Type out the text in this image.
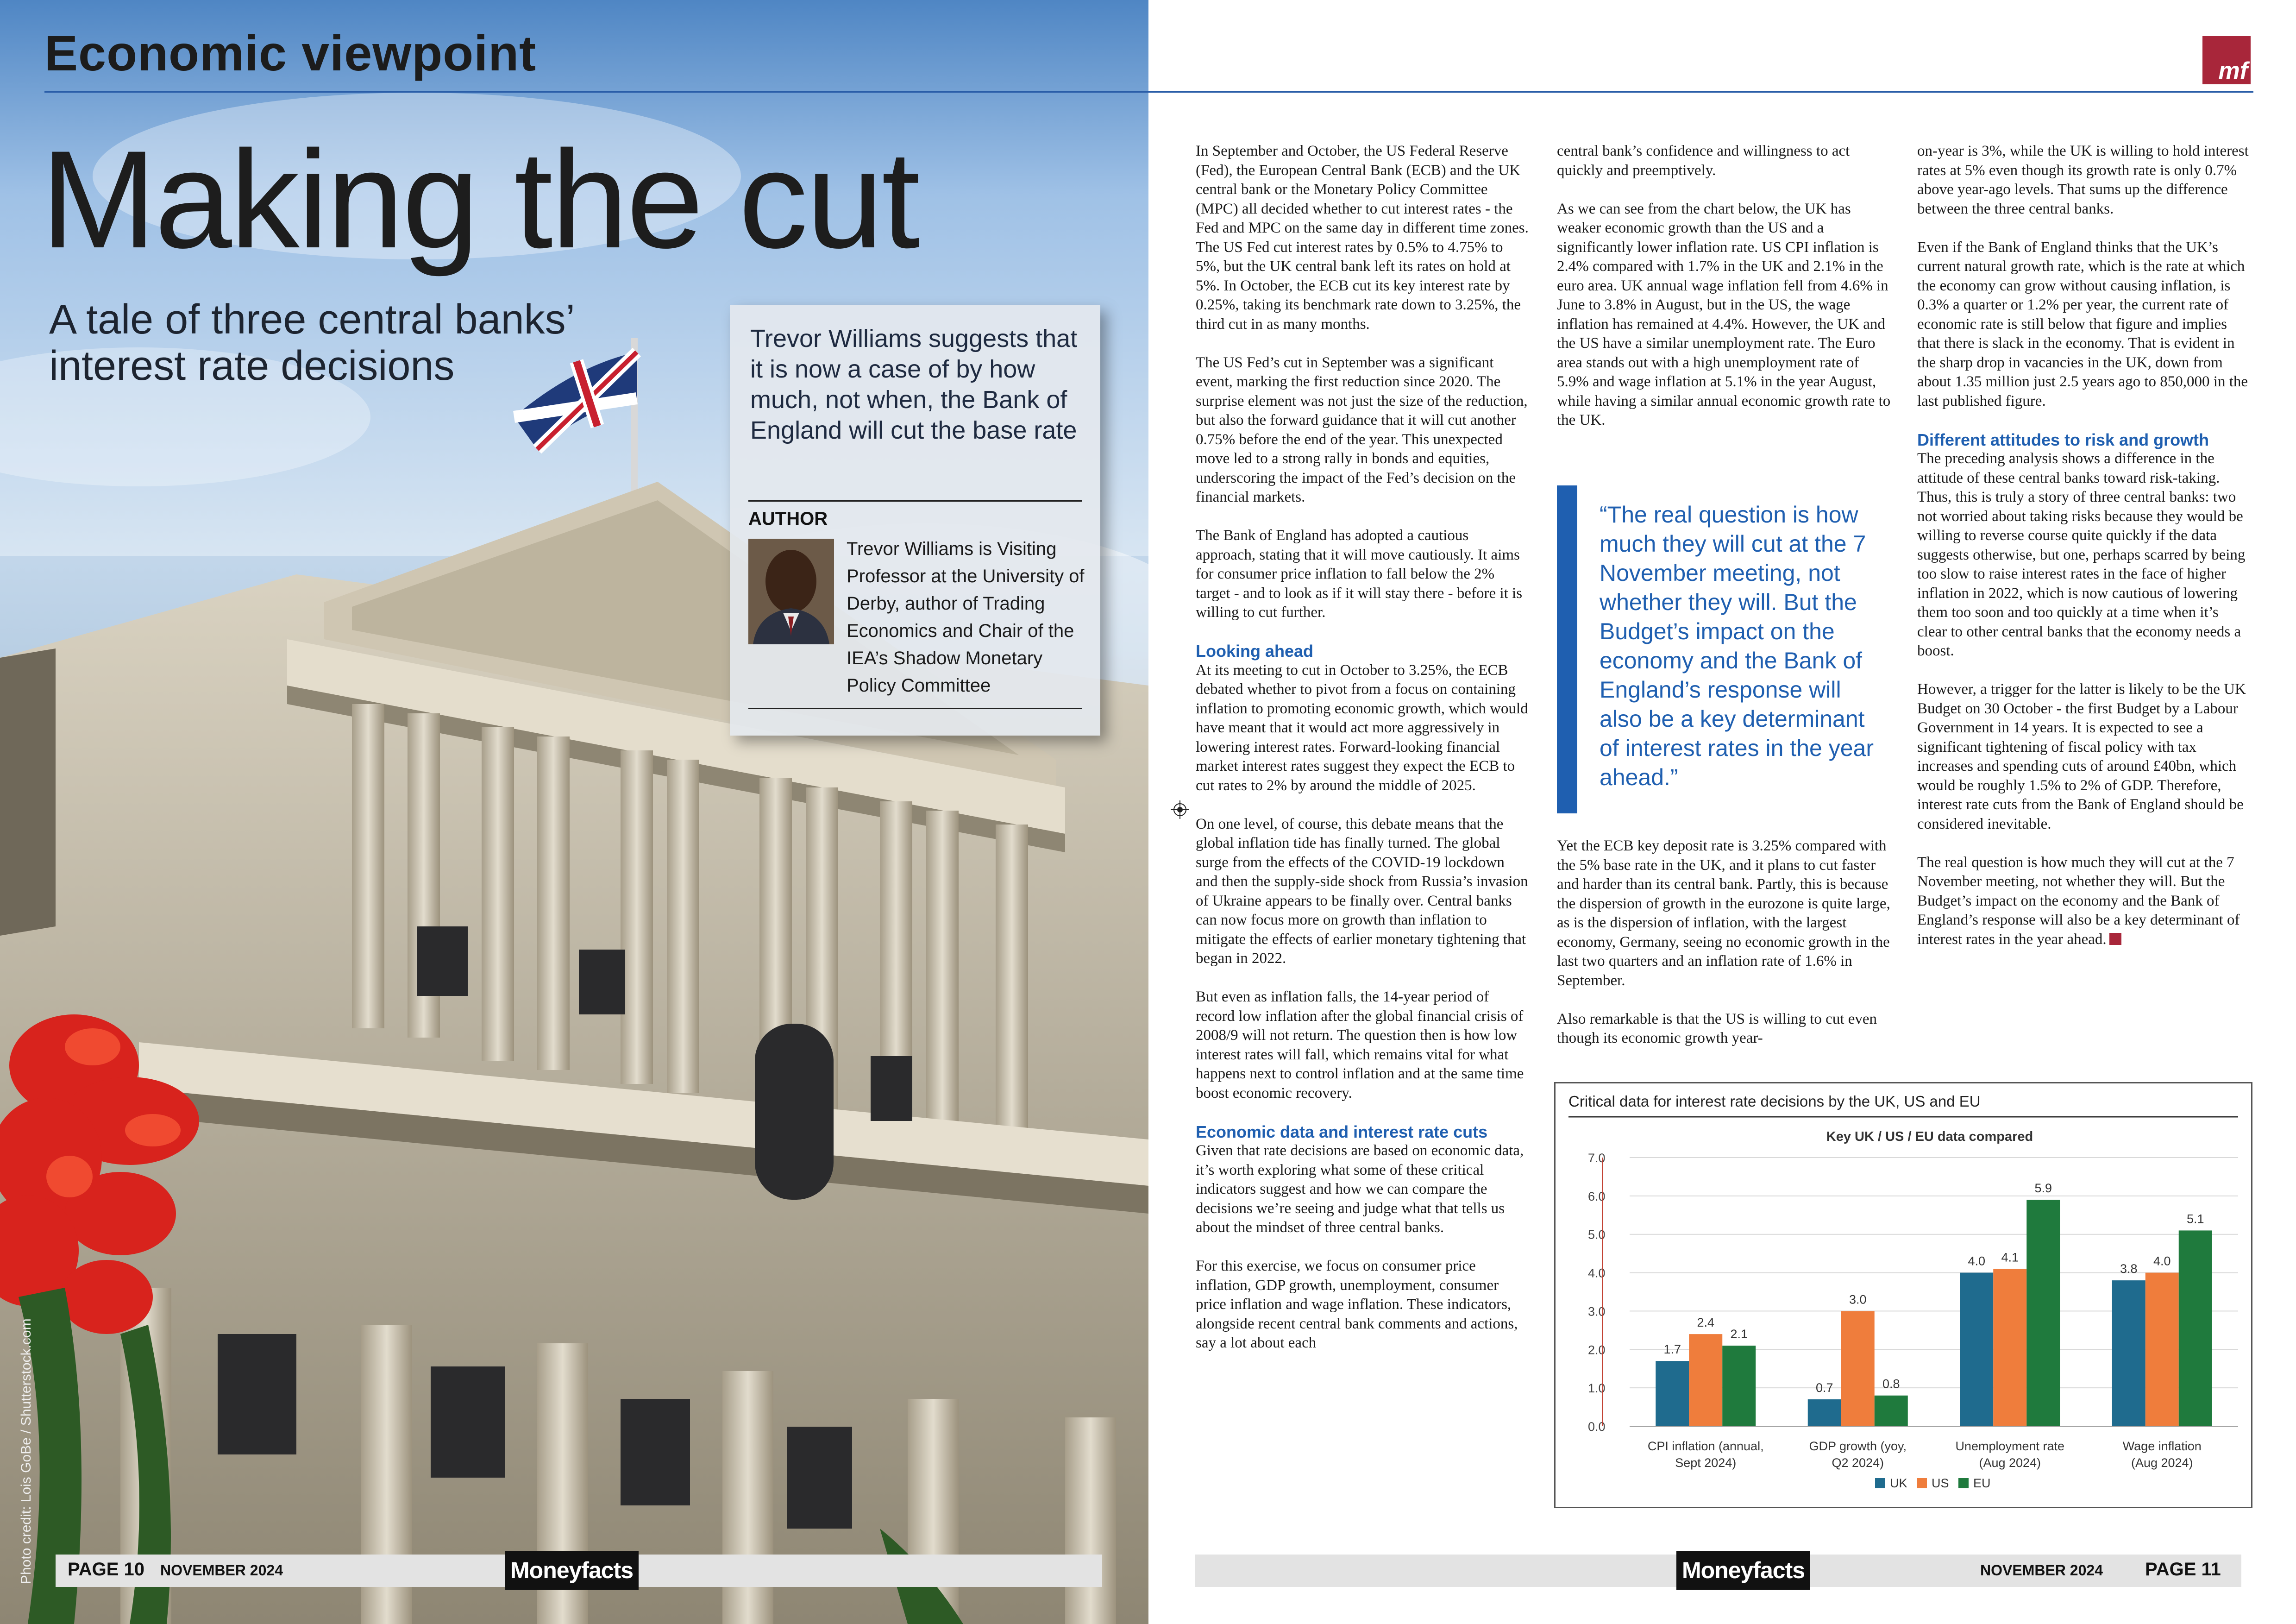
Making the cut
A tale of three central banks’ interest rate decisions
Trevor Williams suggests that it is now a case of by how much, not when, the Bank of England will cut the base rate
AUTHOR
Trevor Williams is Visiting Professor at the University of Derby, author of Trading Economics and Chair of the IEA’s Shadow Monetary Policy Committee
Photo credit: Lois GoBe / Shutterstock.com
Economic viewpoint	mf

In September and October, the US Federal Reserve (Fed), the European Central Bank (ECB) and the UK central bank or the Monetary Policy Committee (MPC) all decided whether to cut interest rates - the Fed and MPC on the same day in different time zones. The US Fed cut interest rates by 0.5% to 4.75% to 5%, but the UK central bank left its rates on hold at 5%. In October, the ECB cut its key interest rate by 0.25%, taking its benchmark rate down to 3.25%, the third cut in as many months.

The US Fed’s cut in September was a significant event, marking the first reduction since 2020. The surprise element was not just the size of the reduction, but also the forward guidance that it will cut another 0.75% before the end of the year. This unexpected move led to a strong rally in bonds and equities, underscoring the impact of the Fed’s decision on the financial markets.

The Bank of England has adopted a cautious approach, stating that it will move cautiously. It aims for consumer price inflation to fall below the 2% target - and to look as if it will stay there - before it is willing to cut further.

Looking ahead

At its meeting to cut in October to 3.25%, the ECB debated whether to pivot from a focus on containing inflation to promoting economic growth, which would have meant that it would act more aggressively in lowering interest rates. Forward-looking financial market interest rates suggest they expect the ECB to cut rates to 2% by around the middle of 2025.

On one level, of course, this debate means that the global inflation tide has finally turned. The global surge from the effects of the COVID-19 lockdown and then the supply-side shock from Russia’s invasion of Ukraine appears to be finally over. Central banks can now focus more on growth than inflation to mitigate the effects of earlier monetary tightening that began in 2022.

But even as inflation falls, the 14-year period of record low inflation after the global financial crisis of 2008/9 will not return. The question then is how low interest rates will fall, which remains vital for what happens next to control inflation and at the same time boost economic recovery.

Economic data and interest rate cuts

Given that rate decisions are based on economic data, it’s worth exploring what some of these critical indicators suggest and how we can compare the decisions we’re seeing and judge what that tells us about the mindset of three central banks.

For this exercise, we focus on consumer price inflation, GDP growth, unemployment, consumer price inflation and wage inflation. These indicators, alongside recent central bank comments and actions, say a lot about each

central bank’s confidence and willingness to act quickly and preemptively.

As we can see from the chart below, the UK has weaker economic growth than the US and a significantly lower inflation rate. US CPI inflation is 2.4% compared with 1.7% in the UK and 2.1% in the euro area. UK annual wage inflation fell from 4.6% in June to 3.8% in August, but in the US, the wage inflation has remained at 4.4%. However, the UK and the US have a similar unemployment rate. The Euro area stands out with a high unemployment rate of 5.9% and wage inflation at 5.1% in the year August, while having a similar annual economic growth rate to the UK.

“The real question is how much they will cut at the 7 November meeting, not whether they will. But the Budget’s impact on the economy and the Bank of England’s response will also be a key determinant of interest rates in the year ahead.”

Yet the ECB key deposit rate is 3.25% compared with the 5% base rate in the UK, and it plans to cut faster and harder than its central bank. Partly, this is because the dispersion of growth in the eurozone is quite large, as is the dispersion of inflation, with the largest economy, Germany, seeing no economic growth in the last two quarters and an inflation rate of 1.6% in September.

Also remarkable is that the US is willing to cut even though its economic growth year-

on-year is 3%, while the UK is willing to hold interest rates at 5% even though its growth rate is only 0.7% above year-ago levels. That sums up the difference between the three central banks.

Even if the Bank of England thinks that the UK’s current natural growth rate, which is the rate at which the economy can grow without causing inflation, is 0.3% a quarter or 1.2% per year, the current rate of economic rate is still below that figure and implies that there is slack in the economy. That is evident in the sharp drop in vacancies in the UK, down from about 1.35 million just 2.5 years ago to 850,000 in the last published figure.

Different attitudes to risk and growth

The preceding analysis shows a difference in the attitude of these central banks toward risk-taking. Thus, this is truly a story of three central banks: two not worried about taking risks because they would be willing to reverse course quite quickly if the data suggests otherwise, but one, perhaps scarred by being too slow to raise interest rates in the face of higher inflation in 2022, which is now cautious of lowering them too soon and too quickly at a time when it’s clear to other central banks that the economy needs a boost.

However, a trigger for the latter is likely to be the UK Budget on 30 October - the first Budget by a Labour Government in 14 years. It is expected to see a significant tightening of fiscal policy with tax increases and spending cuts of around £40bn, which would be roughly 1.5% to 2% of GDP. Therefore, interest rate cuts from the Bank of England should be considered inevitable.

The real question is how much they will cut at the 7 November meeting, not whether they will. But the Budget’s impact on the economy and the Bank of England’s response will also be a key determinant of interest rates in the year ahead.

Critical data for interest rate decisions by the UK, US and EU
Key UK / US / EU data compared
0.0
1.0
2.0
3.0
4.0
5.0
6.0
7.0
1.7
2.4
2.1
0.7
3.0
0.8
4.0 4.1
5.9
3.8
4.0
5.1
CPI inflation (annual,
Sept 2024)
GDP growth (yoy,
Q2 2024)
Unemployment rate
(Aug 2024)
Wage inflation
(Aug 2024)
UK US EU
PAGE 10 NOVEMBER 2024	Moneyfacts	Moneyfacts	NOVEMBER 2024 PAGE 11
